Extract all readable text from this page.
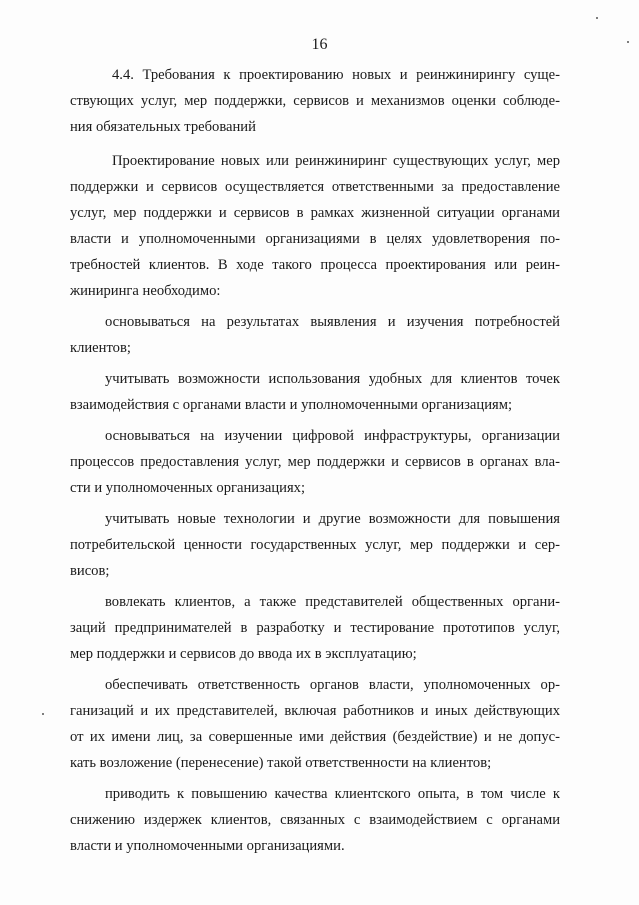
16
4.4. Требования к проектированию новых и реинжинирингу суще-
ствующих услуг, мер поддержки, сервисов и механизмов оценки соблюде-
ния обязательных требований
Проектирование новых или реинжиниринг существующих услуг, мер
поддержки и сервисов осуществляется ответственными за предоставление
услуг, мер поддержки и сервисов в рамках жизненной ситуации органами
власти и уполномоченными организациями в целях удовлетворения по-
требностей клиентов. В ходе такого процесса проектирования или реин-
жиниринга необходимо:
основываться на результатах выявления и изучения потребностей
клиентов;
учитывать возможности использования удобных для клиентов точек
взаимодействия с органами власти и уполномоченными организациям;
основываться на изучении цифровой инфраструктуры, организации
процессов предоставления услуг, мер поддержки и сервисов в органах вла-
сти и уполномоченных организациях;
учитывать новые технологии и другие возможности для повышения
потребительской ценности государственных услуг, мер поддержки и сер-
висов;
вовлекать клиентов, а также представителей общественных органи-
заций предпринимателей в разработку и тестирование прототипов услуг,
мер поддержки и сервисов до ввода их в эксплуатацию;
обеспечивать ответственность органов власти, уполномоченных ор-
ганизаций и их представителей, включая работников и иных действующих
от их имени лиц, за совершенные ими действия (бездействие) и не допус-
кать возложение (перенесение) такой ответственности на клиентов;
приводить к повышению качества клиентского опыта, в том числе к
снижению издержек клиентов, связанных с взаимодействием с органами
власти и уполномоченными организациями.
